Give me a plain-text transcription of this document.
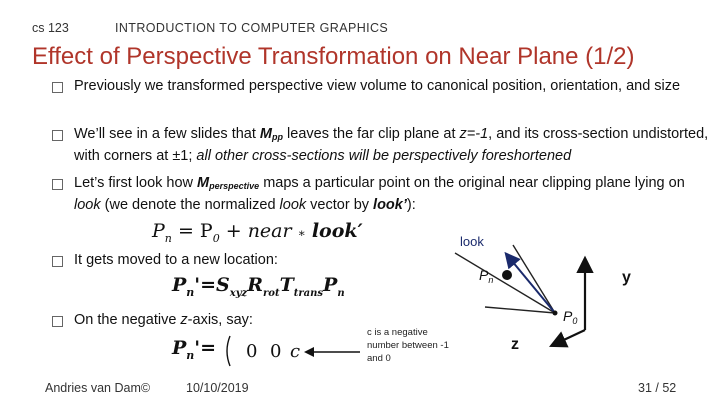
cs 123	INTRODUCTION TO COMPUTER GRAPHICS
Effect of Perspective Transformation on Near Plane (1/2)
Previously we transformed perspective view volume to canonical position, orientation, and size
We’ll see in a few slides that $M_{pp}$ leaves the far clip plane at z=-1, and its cross-section undistorted, with corners at ±1; all other cross-sections will be perspectively foreshortened
Let’s first look how $M_{perspective}$ maps a particular point on the original near clipping plane lying on look (we denote the normalized look vector by look’):
$P_n = P_0$ + near ∗ look′
It gets moved to a new location:
$P_n'=S_{xyz}R_{rot}T_{trans}P_n$
On the negative z-axis, say:
$P_n'= 0$ 0 c
c is a negative number between -1 and 0
look
$P_n$
$P_0$
y
z
Andries van Dam©	10/10/2019	31 / 52
